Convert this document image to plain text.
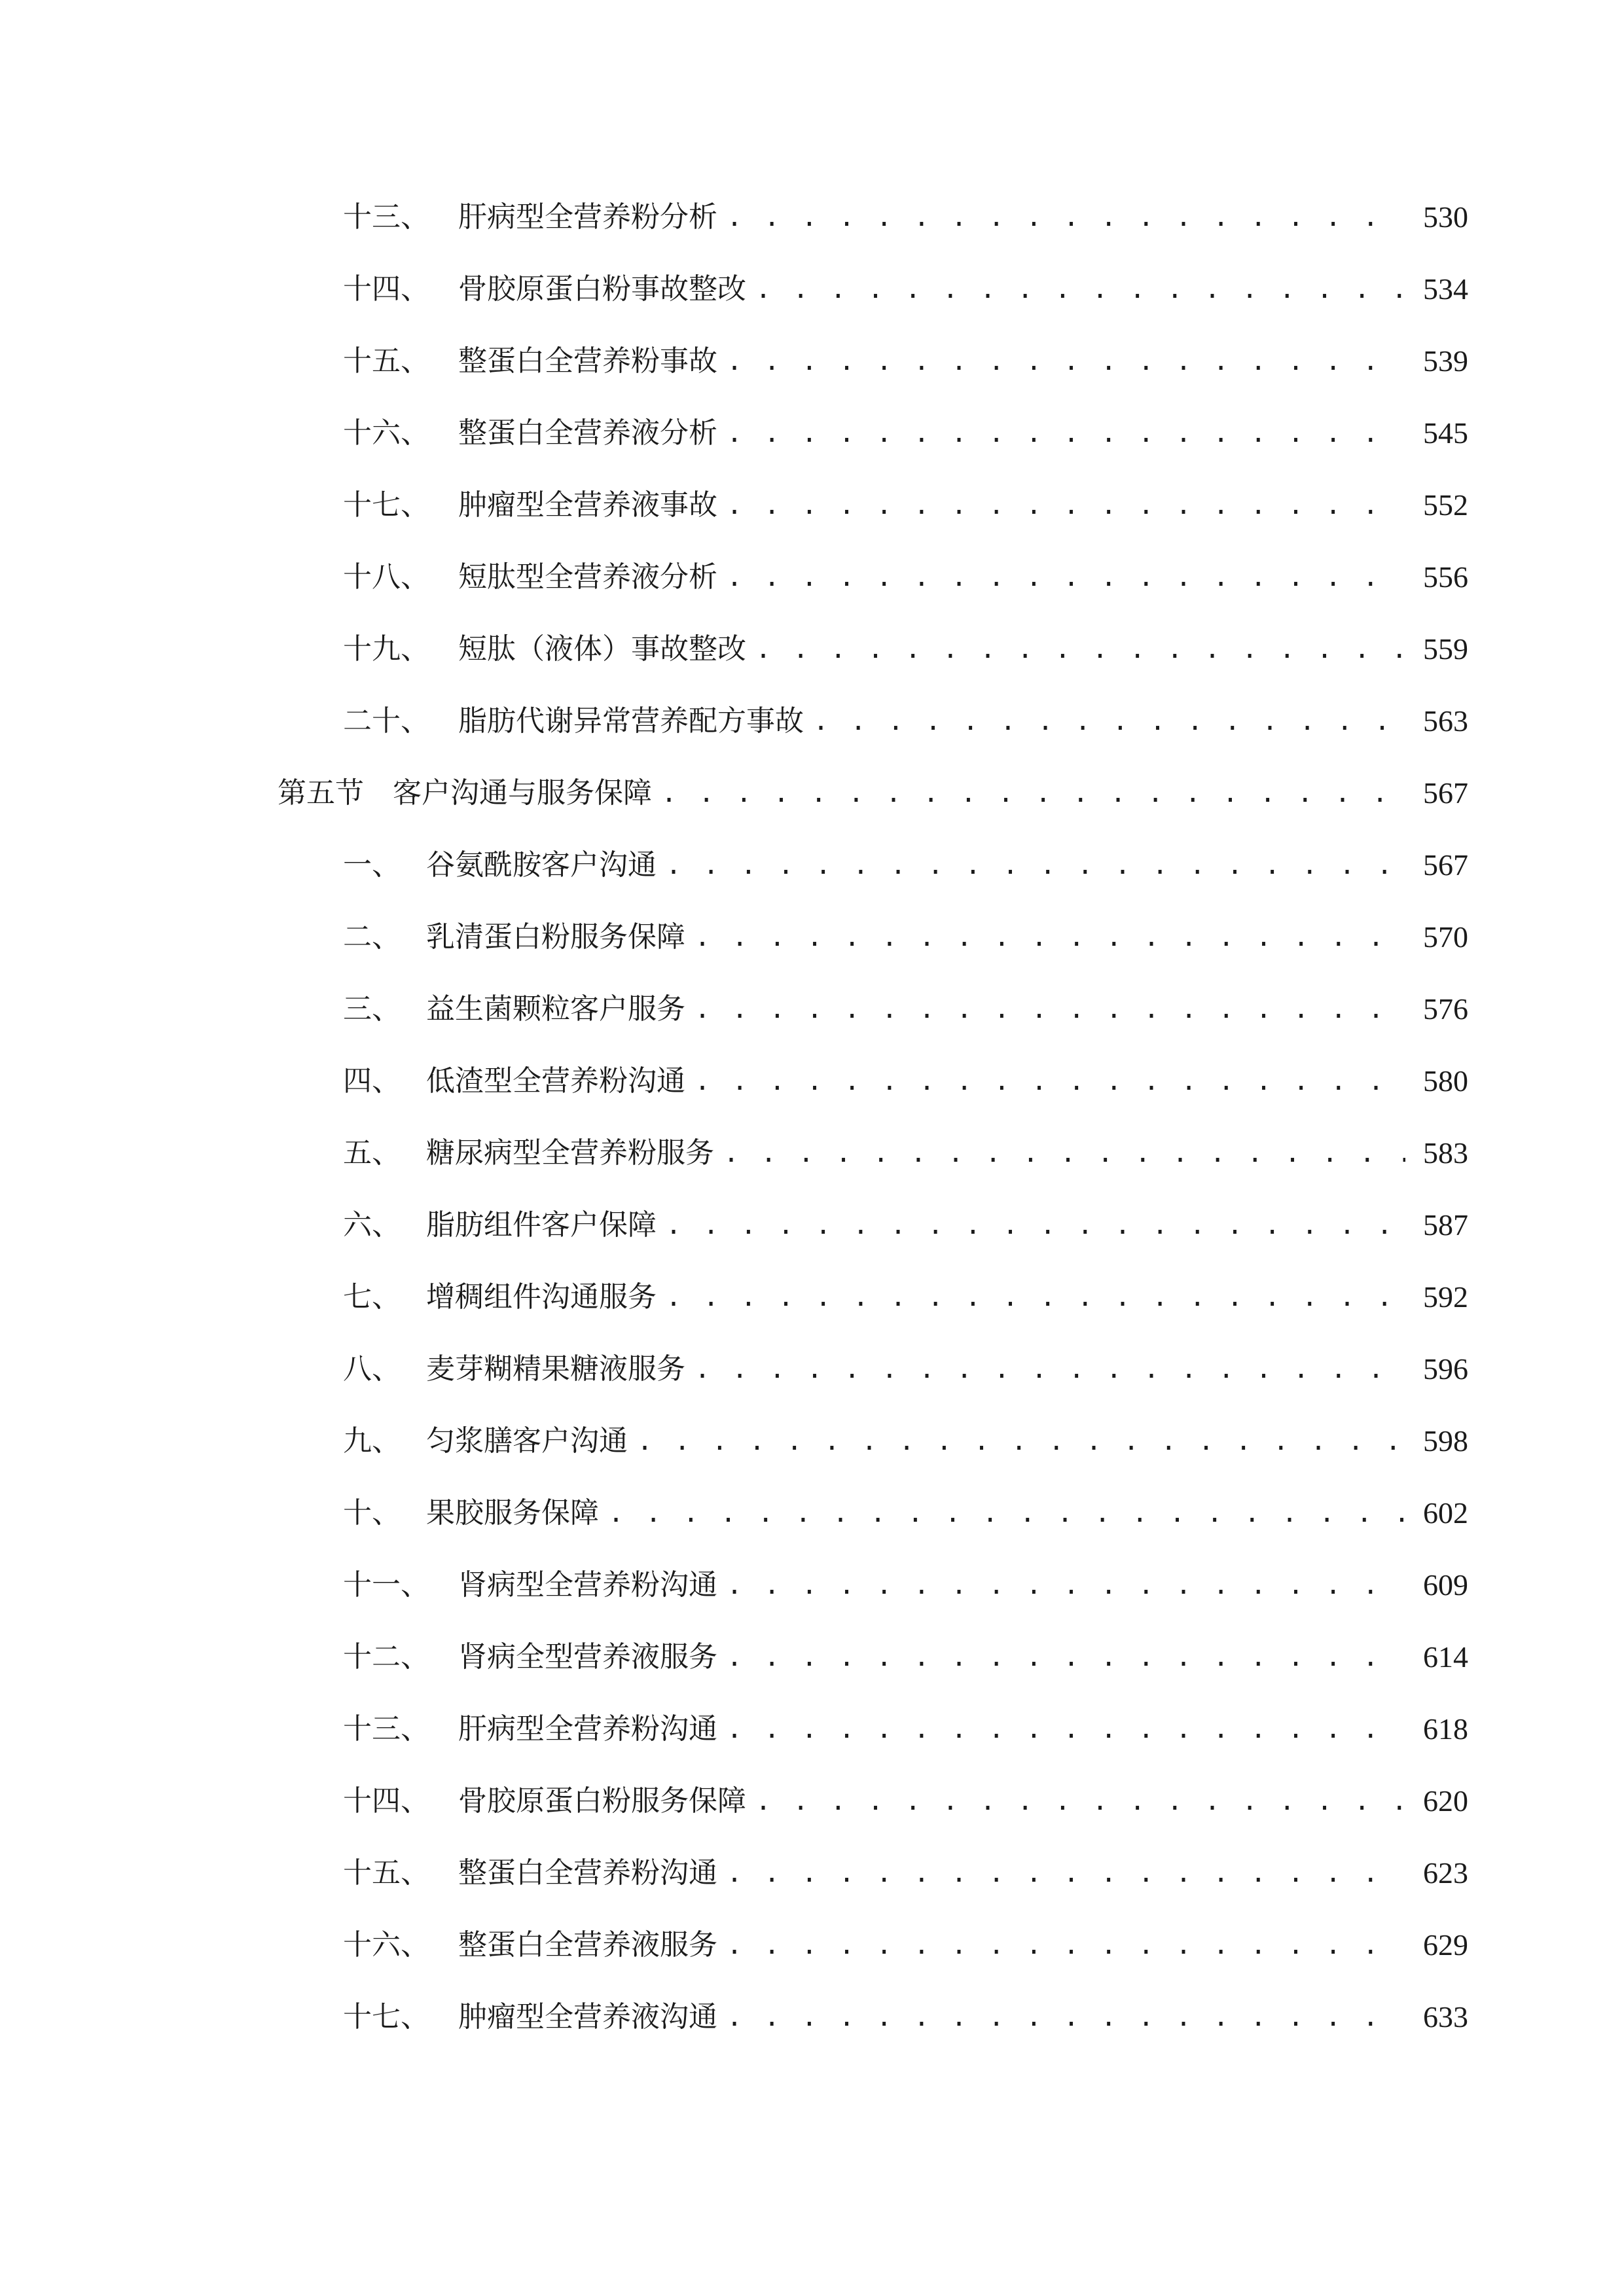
十三、	肝病型全营养粉分析 . . .	530
十四、	骨胶原蛋白粉事故整改 . . .	534
十五、	整蛋白全营养粉事故 . . .	539
十六、	整蛋白全营养液分析 . . .	545
十七、	肿瘤型全营养液事故 . . .	552
十八、	短肽型全营养液分析 . . .	556
十九、	短肽（液体）事故整改 . . .	559
二十、	脂肪代谢异常营养配方事故 . . .	563
第五节	客户沟通与服务保障 . . .	567
一、 谷氨酰胺客户沟通 . . .	567
二、 乳清蛋白粉服务保障 . . .	570
三、 益生菌颗粒客户服务 . . .	576
四、 低渣型全营养粉沟通 . . .	580
五、 糖尿病型全营养粉服务 . . .	583
六、 脂肪组件客户保障 . . .	587
七、 增稠组件沟通服务 . . .	592
八、 麦芽糊精果糖液服务 . . .	596
九、 匀浆膳客户沟通 . . .	598
十、 果胶服务保障 . . .	602
十一、	肾病型全营养粉沟通 . . .	609
十二、	肾病全型营养液服务 . . .	614
十三、	肝病型全营养粉沟通 . . .	618
十四、	骨胶原蛋白粉服务保障 . . .	620
十五、	整蛋白全营养粉沟通 . . .	623
十六、	整蛋白全营养液服务 . . .	629
十七、	肿瘤型全营养液沟通 . . .	633
